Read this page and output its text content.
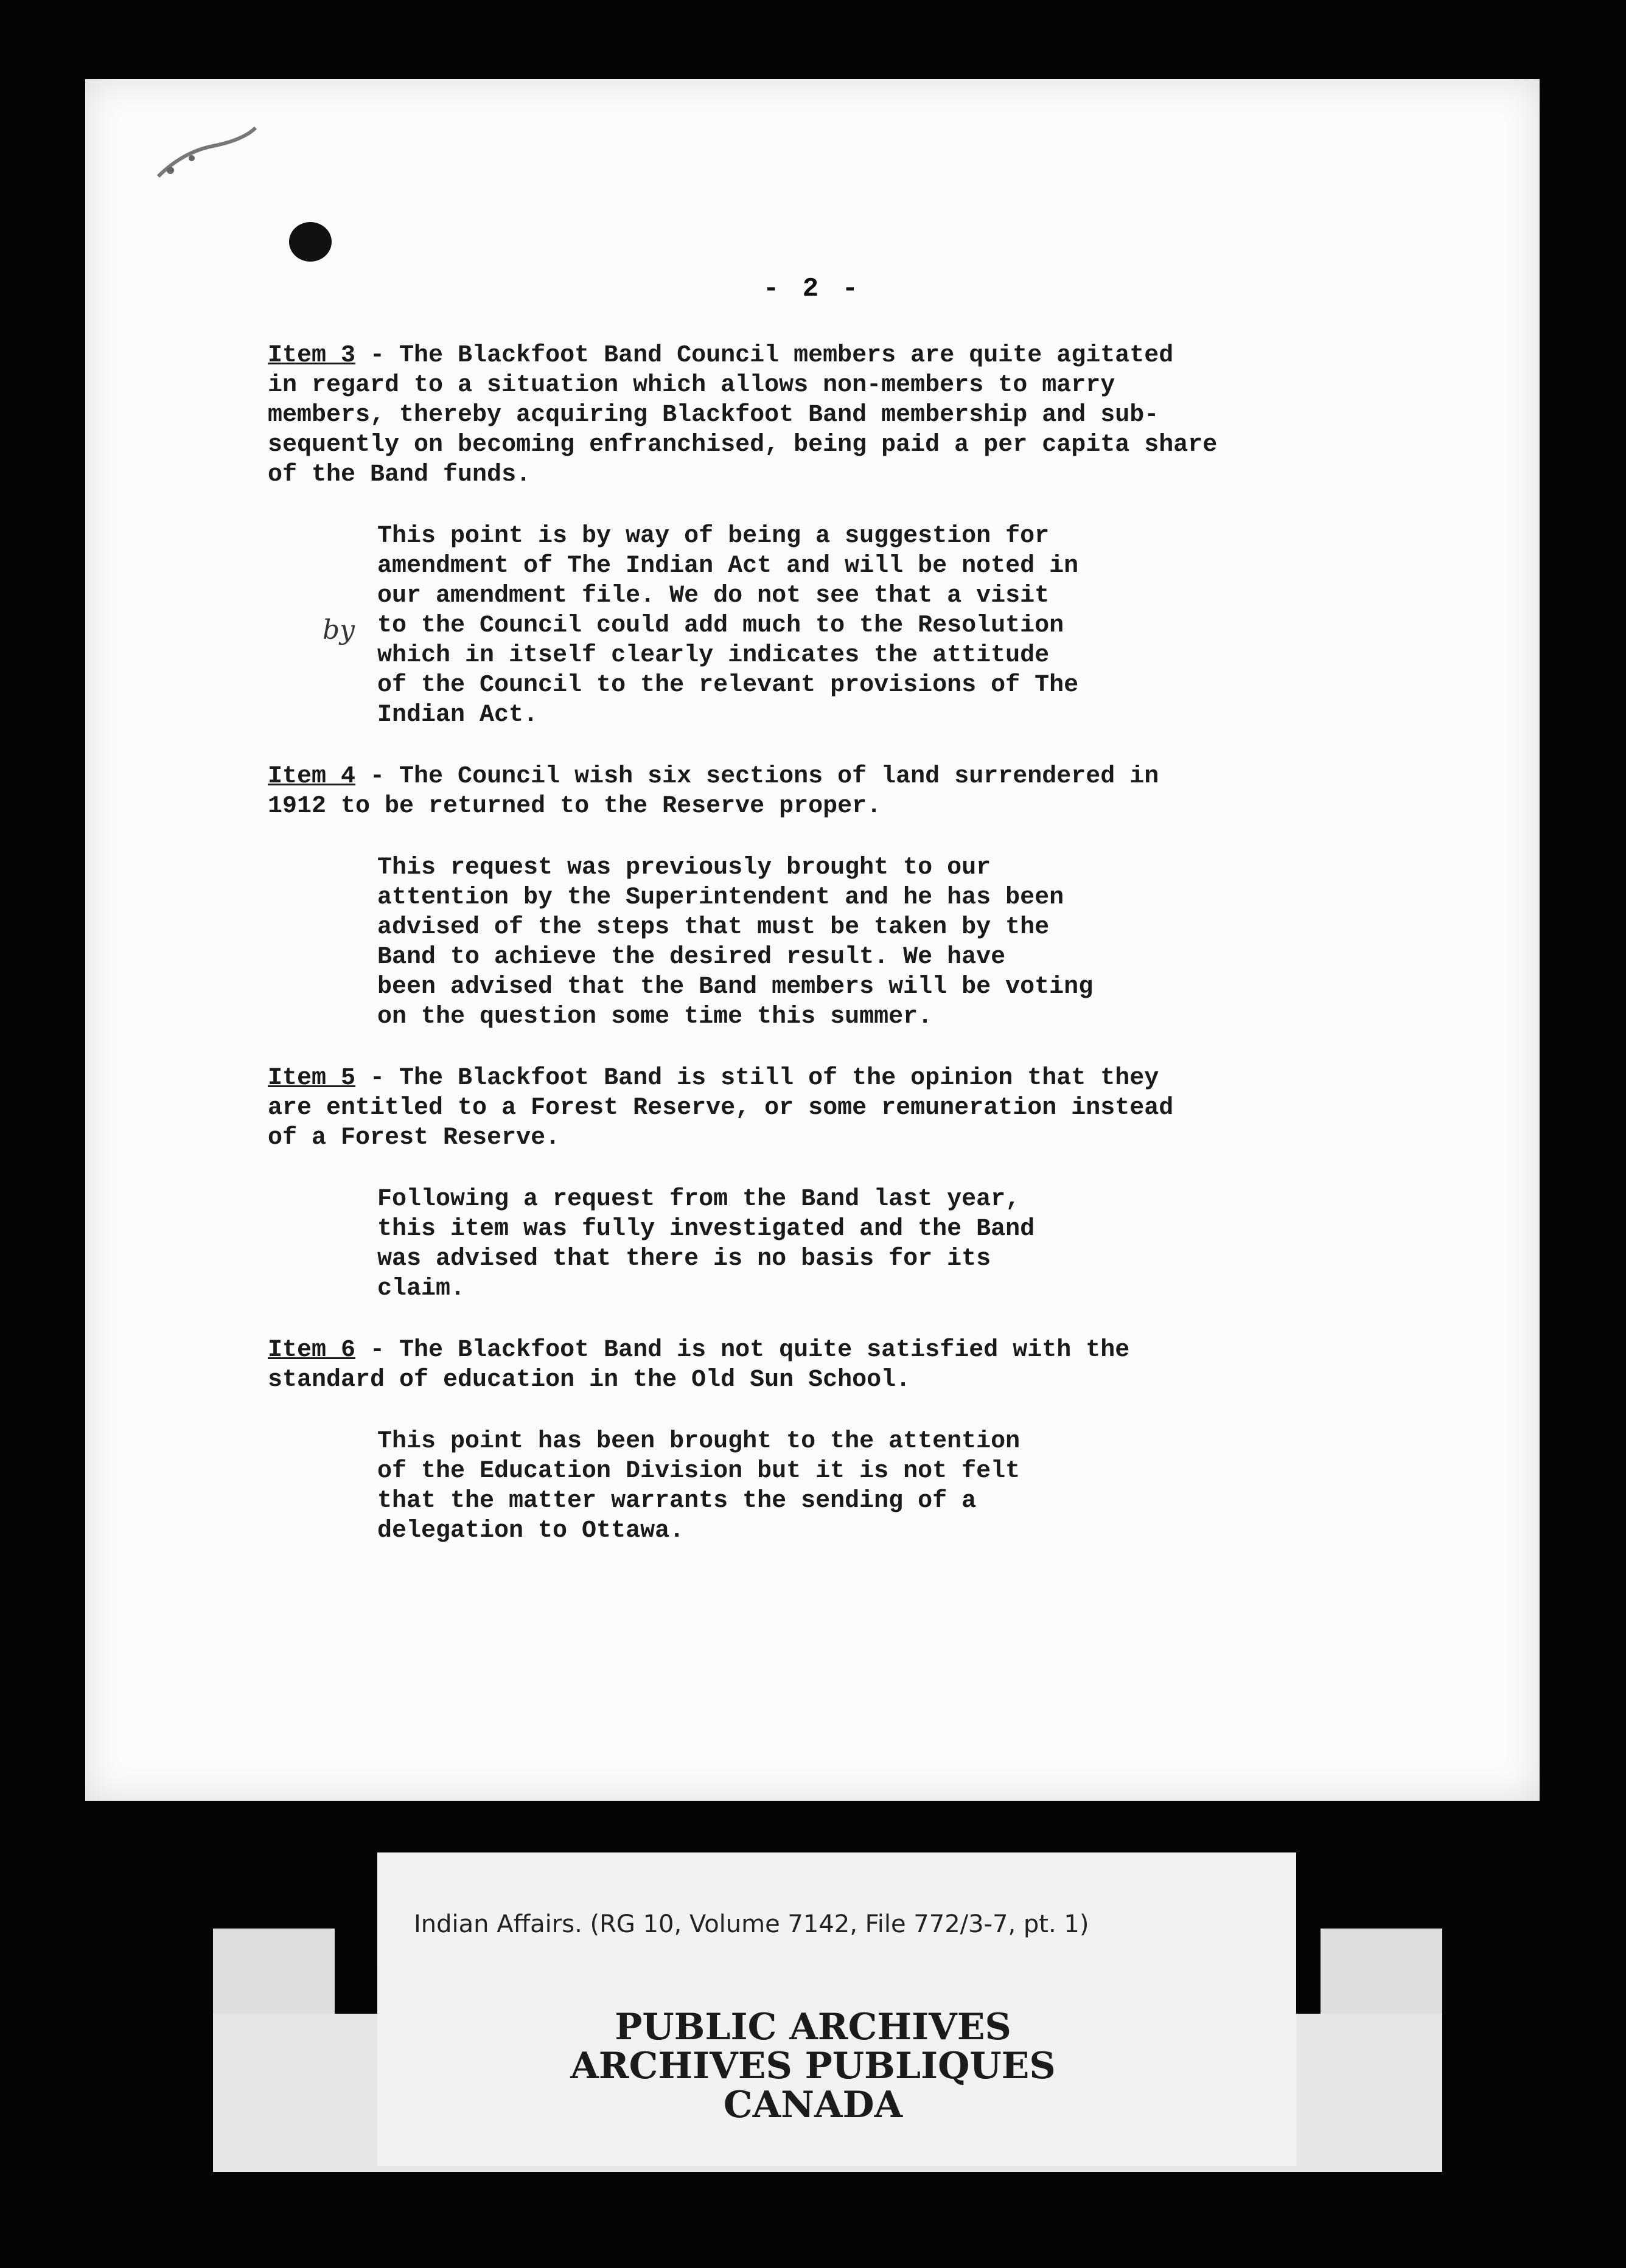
- 2 -
Item 3 - The Blackfoot Band Council members are quite agitated
in regard to a situation which allows non-members to marry
members, thereby acquiring Blackfoot Band membership and sub-
sequently on becoming enfranchised, being paid a per capita share
of the Band funds.
This point is by way of being a suggestion for
amendment of The Indian Act and will be noted in
our amendment file. We do not see that a visit
to the Council could add much to the Resolution
which in itself clearly indicates the attitude
of the Council to the relevant provisions of The
Indian Act.
Item 4 - The Council wish six sections of land surrendered in
1912 to be returned to the Reserve proper.
This request was previously brought to our
attention by the Superintendent and he has been
advised of the steps that must be taken by the
Band to achieve the desired result. We have
been advised that the Band members will be voting
on the question some time this summer.
Item 5 - The Blackfoot Band is still of the opinion that they
are entitled to a Forest Reserve, or some remuneration instead
of a Forest Reserve.
Following a request from the Band last year,
this item was fully investigated and the Band
was advised that there is no basis for its
claim.
Item 6 - The Blackfoot Band is not quite satisfied with the
standard of education in the Old Sun School.
This point has been brought to the attention
of the Education Division but it is not felt
that the matter warrants the sending of a
delegation to Ottawa.
by
Indian Affairs. (RG 10, Volume 7142, File 772/3-7, pt. 1)
PUBLIC ARCHIVES
ARCHIVES PUBLIQUES
CANADA
